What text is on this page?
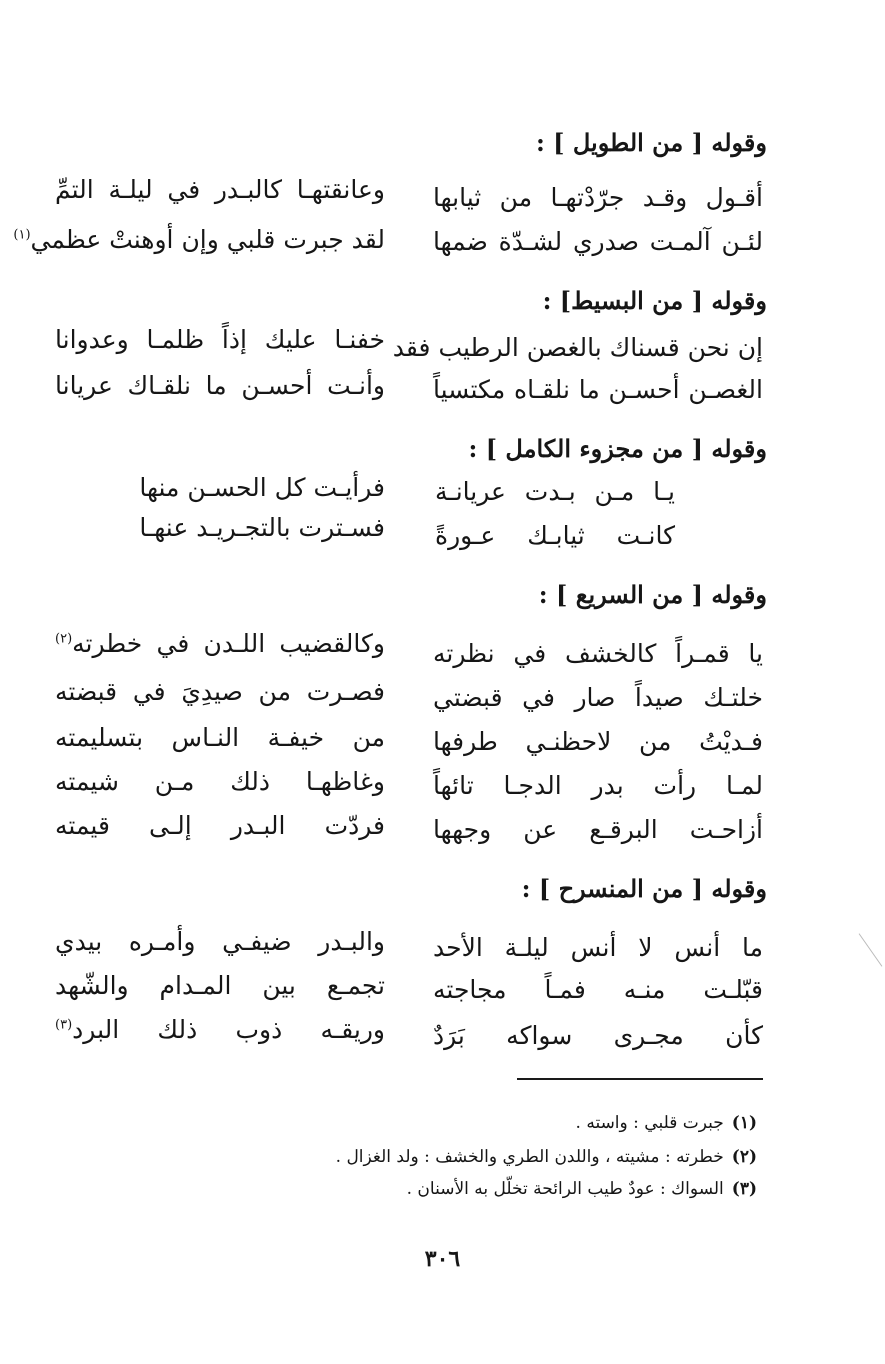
وقوله [ من الطويل ] :
أقـول وقـد جرّدْتهـا من ثيابها
وعانقتهـا كالبـدر في ليلـة التمِّ
لئـن آلمـت صدري لشـدّة ضمها
لقد جبرت قلبي وإن أوهنتْ عظمي$^{(١)}$
وقوله [ من البسيط] :
إن نحن قسناك بالغصن الرطيب فقد
خفنـا عليك إذاً ظلمـا وعدوانا
الغصـن أحسـن ما نلقـاه مكتسياً
وأنـت أحسـن ما نلقـاك عريانا
وقوله [ من مجزوء الكامل ] :
يـا مـن بـدت عريانـة
فرأيـت كل الحسـن منها
كانـت ثيابـك عـورةً
فسـترت بالتجـريـد عنهـا
وقوله [ من السريع ] :
يا قمـراً كالخشف في نظرته
وكالقضيب اللـدن في خطرته$^{(٢)}$
خلتـك صيداً صار في قبضتي
فصـرت من صيدِيَ في قبضته
فـديْتُ من لاحظنـي طرفها
من خيفـة النـاس بتسليمته
لمـا رأت بدر الدجـا تائهاً
وغاظهـا ذلك مـن شيمته
أزاحـت البرقـع عن وجهها
فردّت البـدر إلـى قيمته
وقوله [ من المنسرح ] :
ما أنس لا أنس ليلـة الأحد
والبـدر ضيفـي وأمـره بيدي
قبّلـت منـه فمـاً مجاجته
تجمـع بين المـدام والشّهد
كأن مجـرى سواكه بَرَدٌ
وريقـه ذوب ذلك البرد$^{(٣)}$
(١)جبرت قلبي : واسته .
(٢)خطرته : مشيته ، واللدن الطري والخشف : ولد الغزال .
(٣)السواك : عودٌ طيب الرائحة تخلّل به الأسنان .
٣٠٦
